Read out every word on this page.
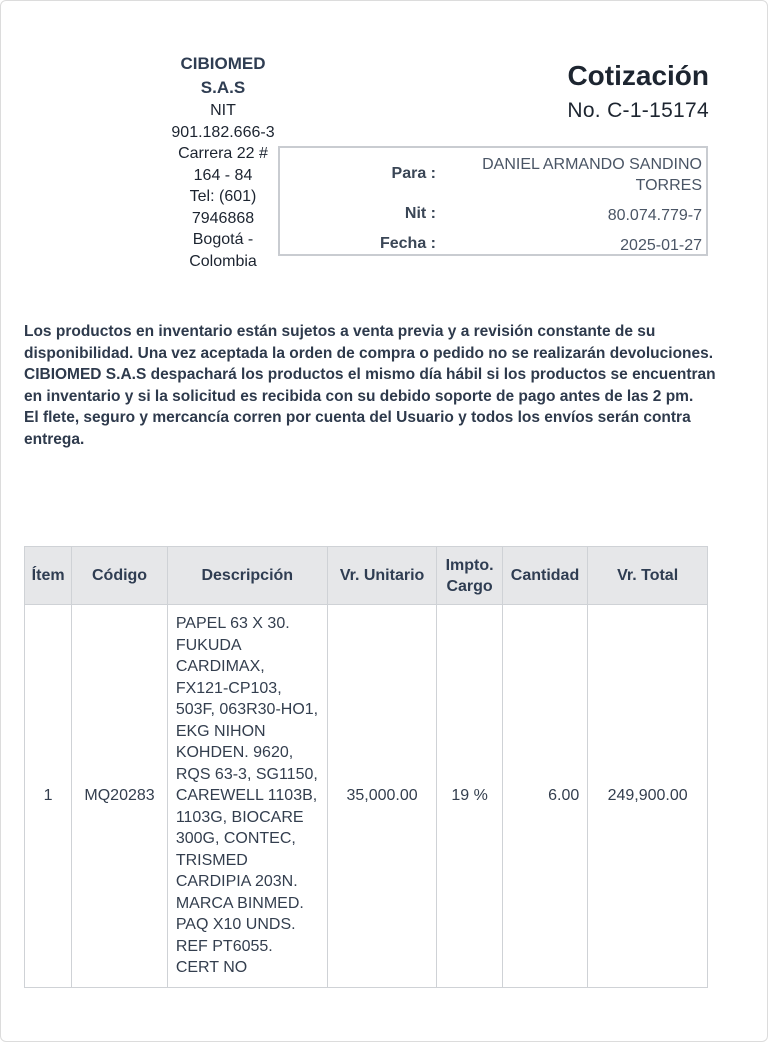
CIBIOMED S.A.S
NIT
901.182.666-3
Carrera 22 # 164 - 84
Tel: (601) 7946868
Bogotá - Colombia
Cotización
No. C-1-15174
Para :
DANIEL ARMANDO SANDINO TORRES
Nit :	80.074.779-7
Fecha :	2025-01-27

Los productos en inventario están sujetos a venta previa y a revisión constante de su disponibilidad. Una vez aceptada la orden de compra o pedido no se realizarán devoluciones.

CIBIOMED S.A.S despachará los productos el mismo día hábil si los productos se encuentran en inventario y si la solicitud es recibida con su debido soporte de pago antes de las 2 pm.

El flete, seguro y mercancía corren por cuenta del Usuario y todos los envíos serán contra entrega.

Ítem	Código	Descripción	Vr. Unitario	Impto. Cargo	Cantidad	Vr. Total
1	MQ20283	PAPEL 63 X 30. FUKUDA CARDIMAX, FX121-CP103, 503F, 063R30-HO1, EKG NIHON KOHDEN. 9620, RQS 63-3, SG1150, CAREWELL 1103B, 1103G, BIOCARE 300G, CONTEC, TRISMED CARDIPIA 203N. MARCA BINMED. PAQ X10 UNDS. REF PT6055. CERT NO	35,000.00	19 %	6.00	249,900.00
